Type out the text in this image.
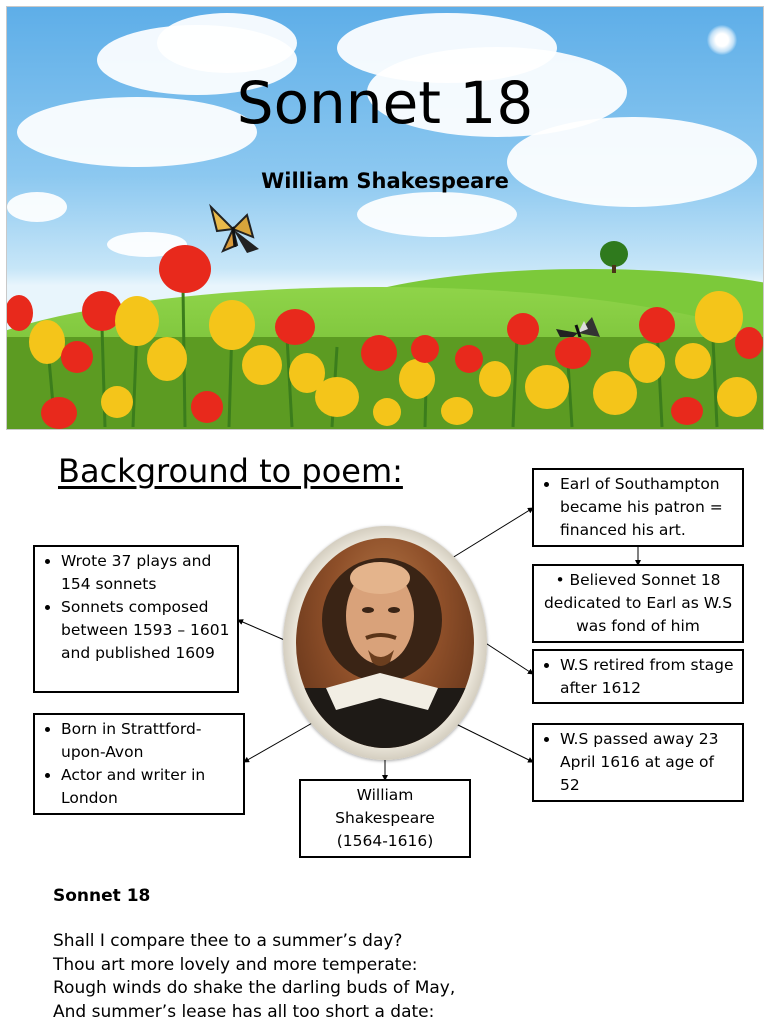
Sonnet 18
William Shakespeare
Background to poem:
• Wrote 37 plays and 154 sonnets
• Sonnets composed between 1593 – 1601 and published 1609
• Born in Strattford-upon-Avon
• Actor and writer in London
• Earl of Southampton became his patron = financed his art.
• Believed Sonnet 18 dedicated to Earl as W.S was fond of him
• W.S retired from stage after 1612
• W.S passed away 23 April 1616 at age of 52
William
Shakespeare
(1564-1616)
Sonnet 18
Shall I compare thee to a summer’s day?
Thou art more lovely and more temperate:
Rough winds do shake the darling buds of May,
And summer’s lease has all too short a date:
